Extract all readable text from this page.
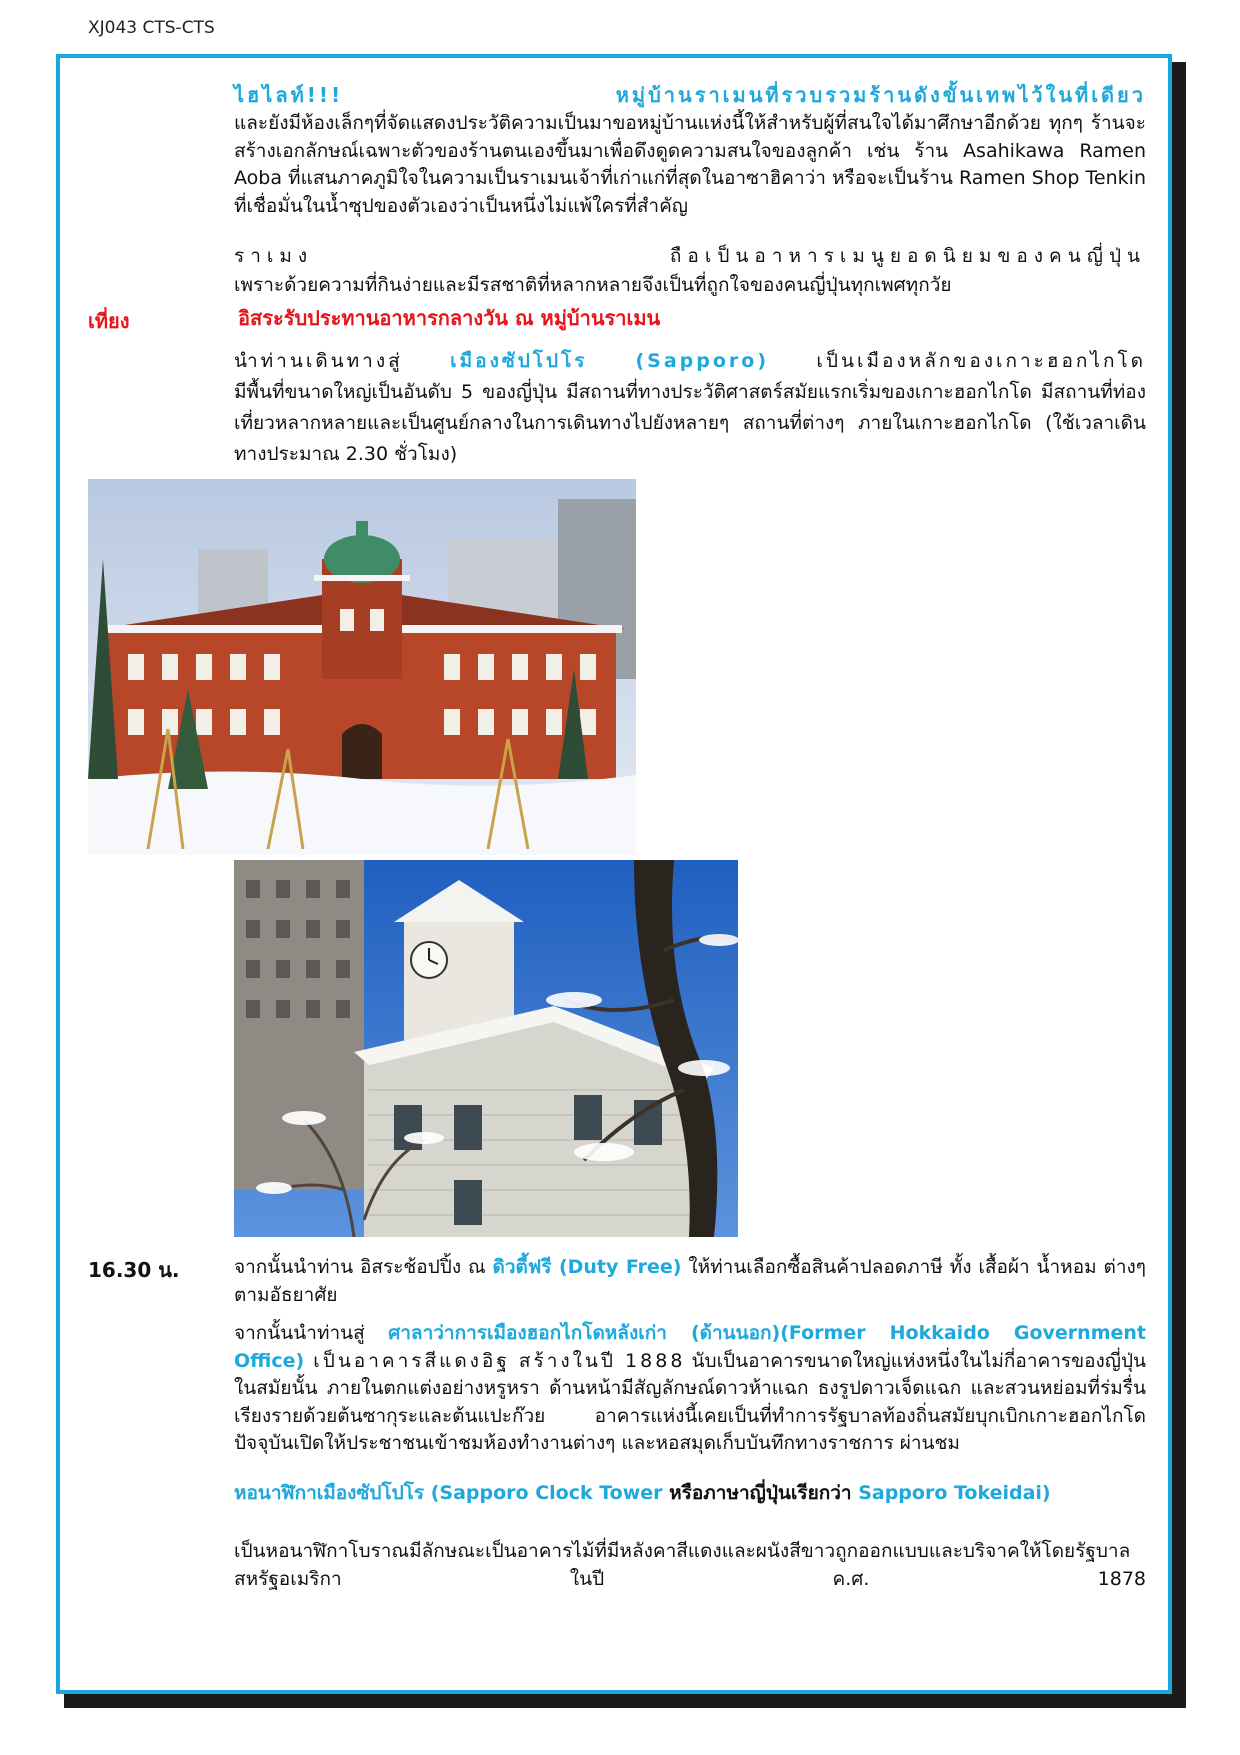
XJ043 CTS-CTS
ไฮไลท์!!! หมู่บ้านราเมนที่รวบรวมร้านดังขั้นเทพไว้ในที่เดียว
และยังมีห้องเล็กๆที่จัดแสดงประวัติความเป็นมาขอหมู่บ้านแห่งนี้ให้สำหรับผู้ที่สนใจได้มาศึกษาอีกด้วย ทุกๆ ร้านจะสร้างเอกลักษณ์เฉพาะตัวของร้านตนเองขึ้นมาเพื่อดึงดูดความสนใจของลูกค้า เช่น ร้าน Asahikawa Ramen Aoba ที่แสนภาคภูมิใจในความเป็นราเมนเจ้าที่เก่าแก่ที่สุดในอาซาฮิคาว่า หรือจะเป็นร้าน Ramen Shop Tenkin ที่เชื่อมั่นในน้ำซุปของตัวเองว่าเป็นหนึ่งไม่แพ้ใครที่สำคัญ
ราเมง ถือเป็นอาหารเมนูยอดนิยมของคนญี่ปุ่น
เพราะด้วยความที่กินง่ายและมีรสชาติที่หลากหลายจึงเป็นที่ถูกใจของคนญี่ปุ่นทุกเพศทุกวัย
เที่ยง	อิสระรับประทานอาหารกลางวัน ณ หมู่บ้านราเมน
นำท่านเดินทางสู่ เมืองซัปโปโร (Sapporo) เป็นเมืองหลักของเกาะฮอกไกโด
มีพื้นที่ขนาดใหญ่เป็นอันดับ 5 ของญี่ปุ่น มีสถานที่ทางประวัติศาสตร์สมัยแรกเริ่มของเกาะฮอกไกโด มีสถานที่ท่องเที่ยวหลากหลายและเป็นศูนย์กลางในการเดินทางไปยังหลายๆ สถานที่ต่างๆ ภายในเกาะฮอกไกโด (ใช้เวลาเดินทางประมาณ 2.30 ชั่วโมง)
16.30 น.	จากนั้นนำท่าน อิสระช้อปปิ้ง ณ ดิวตี้ฟรี (Duty Free) ให้ท่านเลือกซื้อสินค้าปลอดภาษี ทั้ง เสื้อผ้า น้ำหอม ต่างๆ ตามอัธยาศัย
จากนั้นนำท่านสู่ ศาลาว่าการเมืองฮอกไกโดหลังเก่า (ด้านนอก)(Former Hokkaido Government Office) เป็นอาคารสีแดงอิฐ สร้างในปี 1888 นับเป็นอาคารขนาดใหญ่แห่งหนึ่งในไม่กี่อาคารของญี่ปุ่นในสมัยนั้น ภายในตกแต่งอย่างหรูหรา ด้านหน้ามีสัญลักษณ์ดาวห้าแฉก ธงรูปดาวเจ็ดแฉก และสวนหย่อมที่ร่มรื่น เรียงรายด้วยต้นซากุระและต้นแปะก๊วย อาคารแห่งนี้เคยเป็นที่ทำการรัฐบาลท้องถิ่นสมัยบุกเบิกเกาะฮอกไกโด ปัจจุบันเปิดให้ประชาชนเข้าชมห้องทำงานต่างๆ และหอสมุดเก็บบันทึกทางราชการ ผ่านชม
หอนาฬิกาเมืองซัปโปโร (Sapporo Clock Tower หรือภาษาญี่ปุ่นเรียกว่า Sapporo Tokeidai)
เป็นหอนาฬิกาโบราณมีลักษณะเป็นอาคารไม้ที่มีหลังคาสีแดงและผนังสีขาวถูกออกแบบและบริจาคให้โดยรัฐบาลสหรัฐอเมริกา ในปี ค.ศ. 1878
